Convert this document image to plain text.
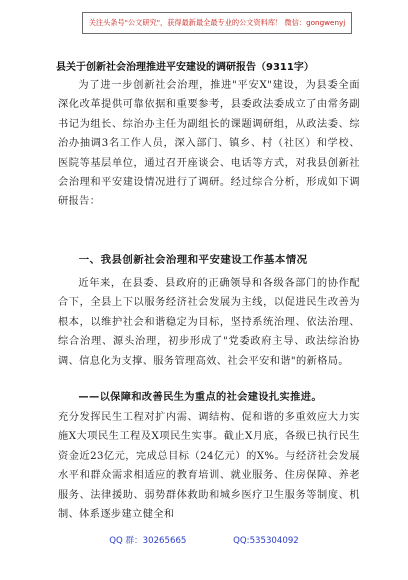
关注头条号"公文研究"，获得最新最全最专业的公文资料库！ 微信：gongwenyj
县关于创新社会治理推进平安建设的调研报告（9311字）

为了进一步创新社会治理，推进"平安X"建设，为县委全面深化改革提供可靠依据和重要参考，县委政法委成立了由常务副书记为组长、综治办主任为副组长的课题调研组，从政法委、综治办抽调3名工作人员，深入部门、镇乡、村（社区）和学校、医院等基层单位，通过召开座谈会、电话等方式，对我县创新社会治理和平安建设情况进行了调研。经过综合分析，形成如下调研报告：

一、我县创新社会治理和平安建设工作基本情况

近年来，在县委、县政府的正确领导和各级各部门的协作配合下，全县上下以服务经济社会发展为主线，以促进民生改善为根本，以维护社会和谐稳定为目标，坚持系统治理、依法治理、综合治理、源头治理，初步形成了"党委政府主导、政法综治协调、信息化为支撑、服务管理高效、社会平安和谐"的新格局。

——以保障和改善民生为重点的社会建设扎实推进。

充分发挥民生工程对扩内需、调结构、促和谐的多重效应大力实施X大项民生工程及X项民生实事。截止X月底，各级已执行民生资金近23亿元，完成总目标（24亿元）的X%。与经济社会发展水平和群众需求相适应的教育培训、就业服务、住房保障、养老服务、法律援助、弱势群体救助和城乡医疗卫生服务等制度、机制、体系逐步建立健全和

QQ 群：30265665	QQ:535304092
